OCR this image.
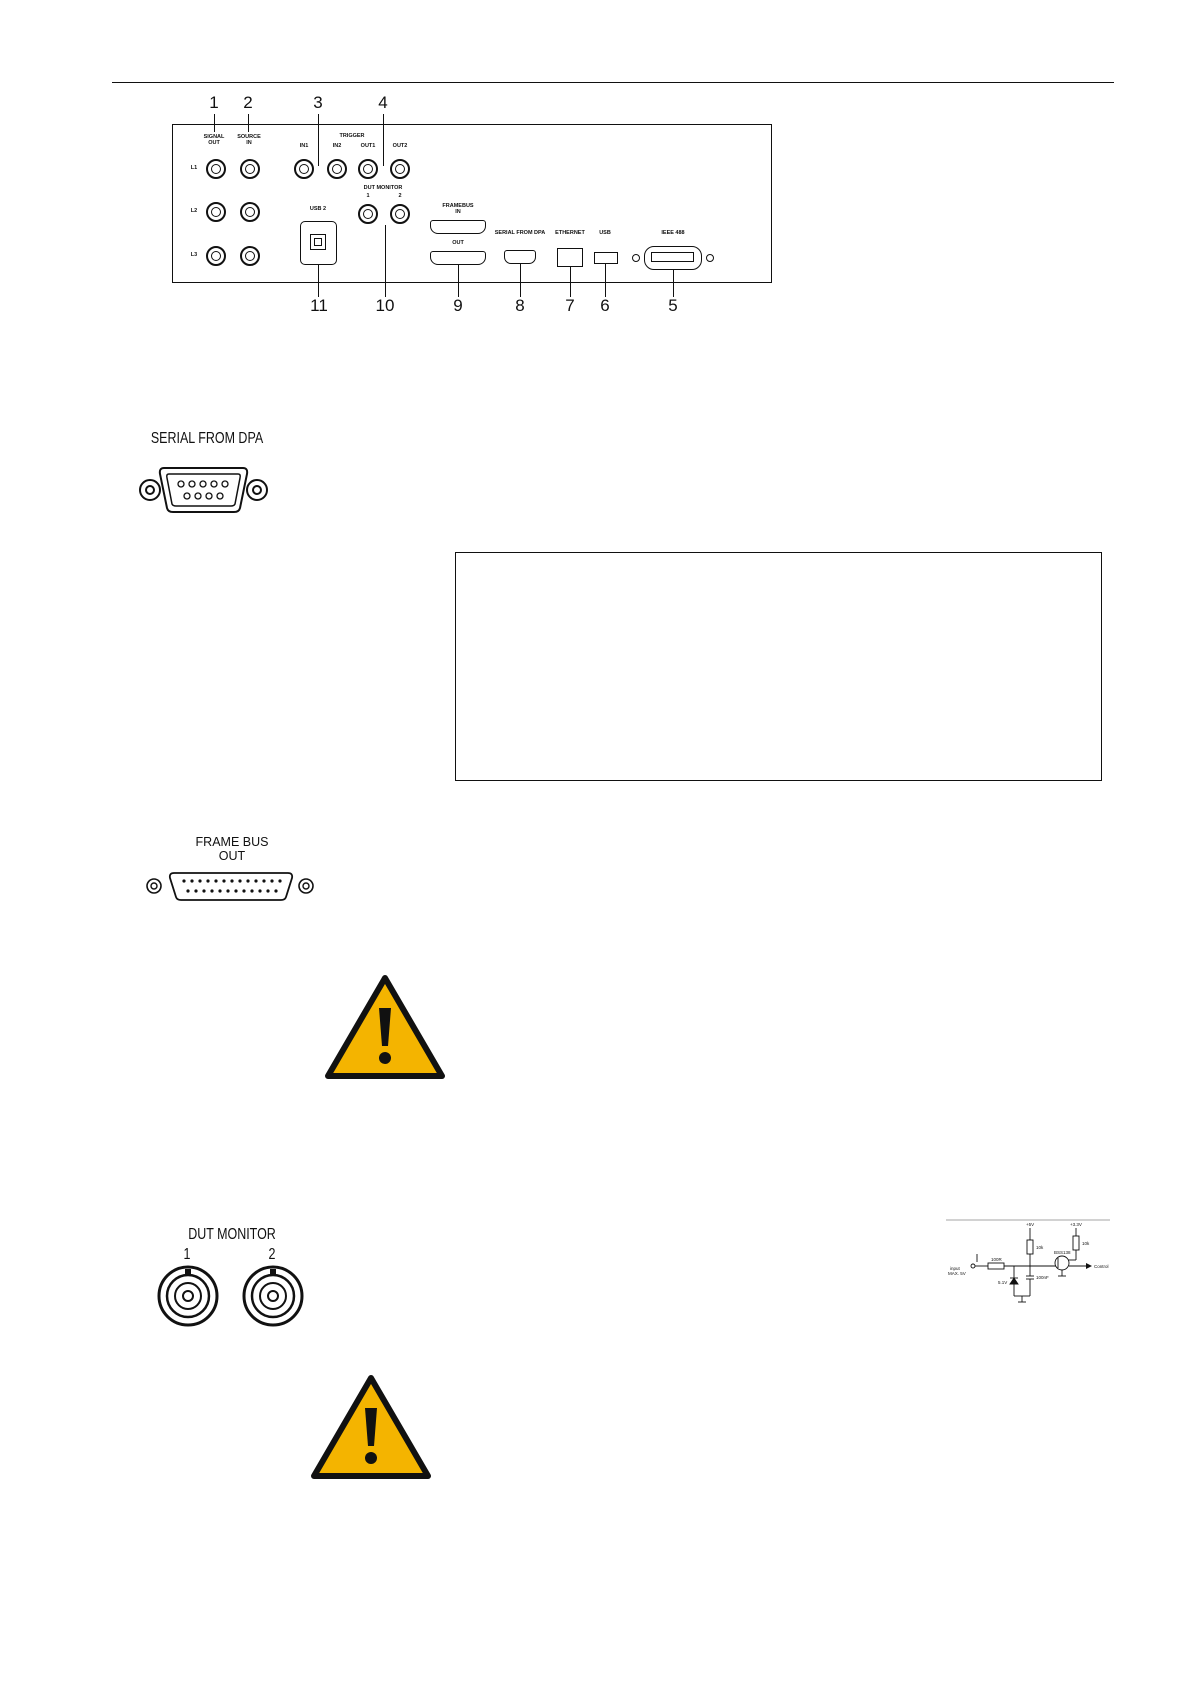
1 2	3	4
SIGNAL
OUT
SOURCE
IN
TRIGGER
IN1	IN2	OUT1	OUT2
L1
L2
L3
DUT MONITOR
1	2
USB 2	FRAMEBUS
IN
OUT
SERIAL FROM DPA ETHERNET	USB	IEEE 488
11	10	9	8 7 6	5
SERIAL FROM DPA
FRAME BUS
OUT
DUT MONITOR
1	2
+5V	+3.3V
10k
10k
100R
5.1V
100nF
BSS138
Control
input
MAX. 5V
